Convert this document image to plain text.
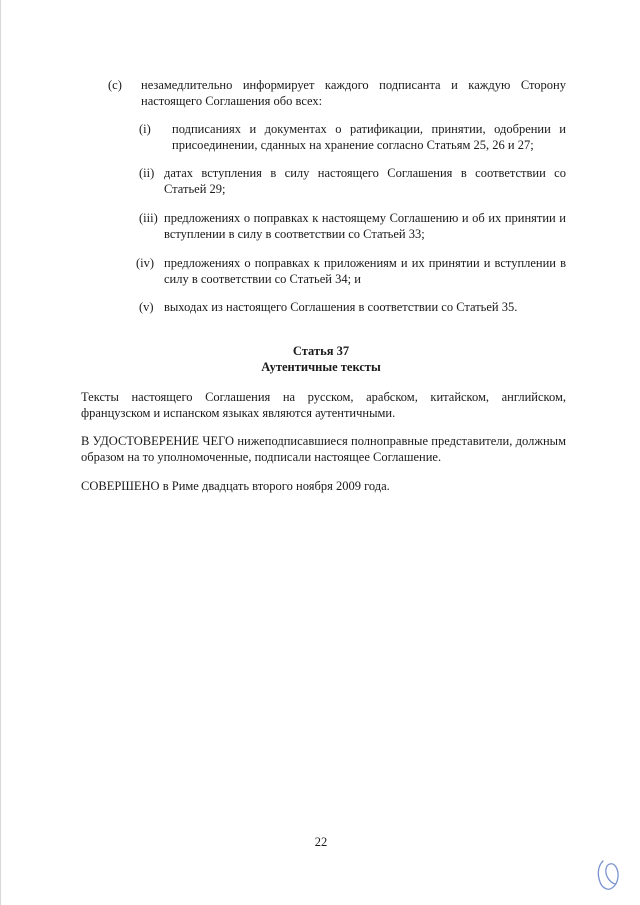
(c)	незамедлительно информирует каждого подписанта и каждую Сторону настоящего Соглашения обо всех:

(i)	подписаниях и документах о ратификации, принятии, одобрении и присоединении, сданных на хранение согласно Статьям 25, 26 и 27;

(ii) датах вступления в силу настоящего Соглашения в соответствии со Статьей 29;

(iii) предложениях о поправках к настоящему Соглашению и об их принятии и вступлении в силу в соответствии со Статьей 33;

(iv) предложениях о поправках к приложениям и их принятии и вступлении в силу в соответствии со Статьей 34; и

(v) выходах из настоящего Соглашения в соответствии со Статьей 35.

Статья 37

Аутентичные тексты

Тексты настоящего Соглашения на русском, арабском, китайском, английском, французском и испанском языках являются аутентичными.

В УДОСТОВЕРЕНИЕ ЧЕГО нижеподписавшиеся полноправные представители, должным образом на то уполномоченные, подписали настоящее Соглашение.

СОВЕРШЕНО в Риме двадцать второго ноября 2009 года.

22
